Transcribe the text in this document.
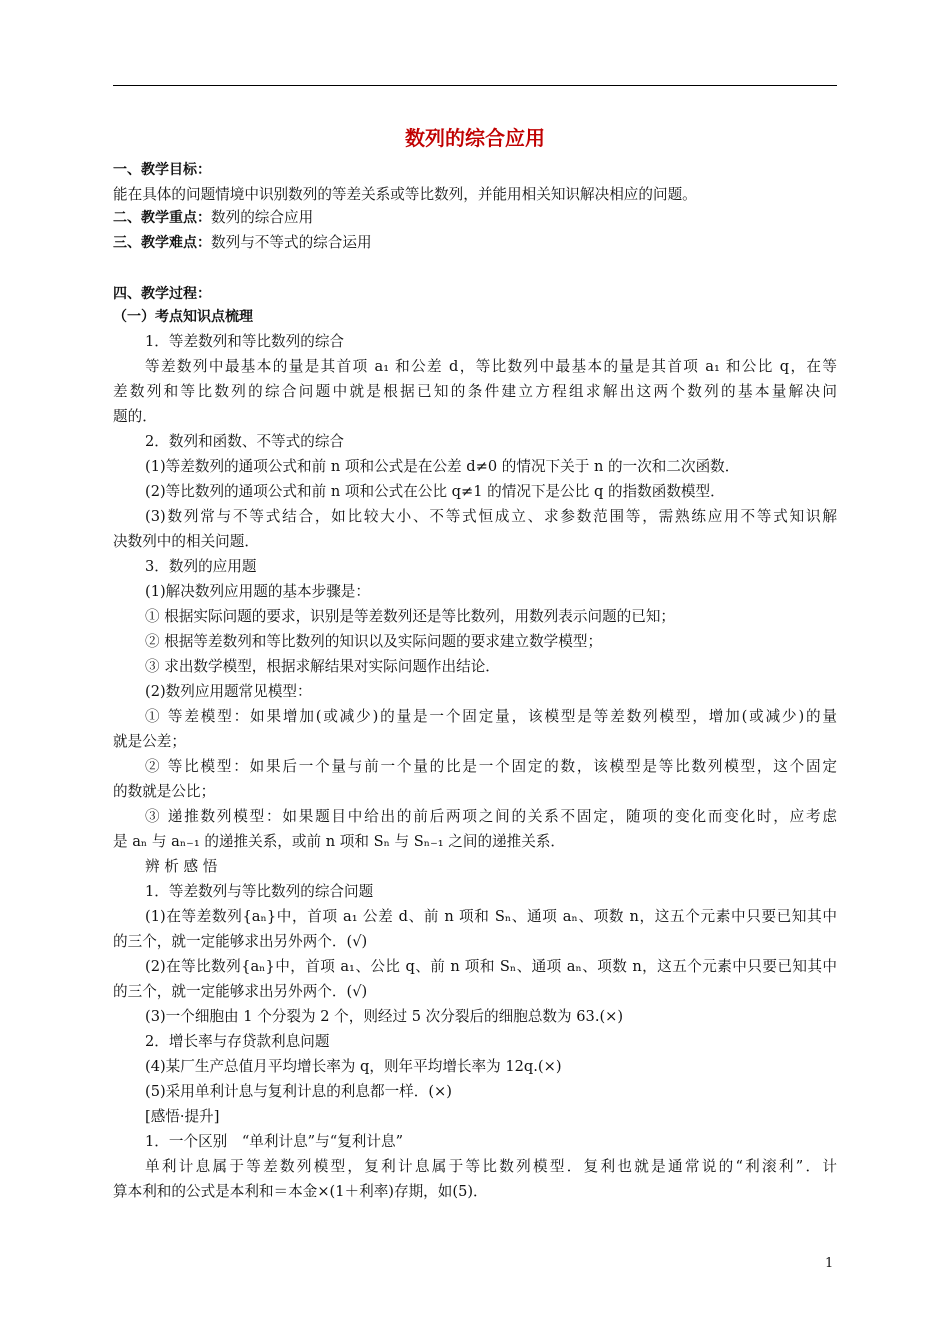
数列的综合应用
一、教学目标：
能在具体的问题情境中识别数列的等差关系或等比数列，并能用相关知识解决相应的问题。
二、教学重点：数列的综合应用
三、教学难点：数列与不等式的综合运用
四、教学过程：
（一）考点知识点梳理
1．等差数列和等比数列的综合
等差数列中最基本的量是其首项 a₁ 和公差 d，等比数列中最基本的量是其首项 a₁ 和公比 q，在等
差数列和等比数列的综合问题中就是根据已知的条件建立方程组求解出这两个数列的基本量解决问
题的．
2．数列和函数、不等式的综合
(1)等差数列的通项公式和前 n 项和公式是在公差 d≠0 的情况下关于 n 的一次和二次函数．
(2)等比数列的通项公式和前 n 项和公式在公比 q≠1 的情况下是公比 q 的指数函数模型．
(3)数列常与不等式结合，如比较大小、不等式恒成立、求参数范围等，需熟练应用不等式知识解
决数列中的相关问题．
3．数列的应用题
(1)解决数列应用题的基本步骤是：
① 根据实际问题的要求，识别是等差数列还是等比数列，用数列表示问题的已知；
② 根据等差数列和等比数列的知识以及实际问题的要求建立数学模型；
③ 求出数学模型，根据求解结果对实际问题作出结论．
(2)数列应用题常见模型：
① 等差模型：如果增加(或减少)的量是一个固定量，该模型是等差数列模型，增加(或减少)的量
就是公差；
② 等比模型：如果后一个量与前一个量的比是一个固定的数，该模型是等比数列模型，这个固定
的数就是公比；
③ 递推数列模型：如果题目中给出的前后两项之间的关系不固定，随项的变化而变化时，应考虑
是 aₙ 与 aₙ₋₁ 的递推关系，或前 n 项和 Sₙ 与 Sₙ₋₁ 之间的递推关系．
辨 析 感 悟
1．等差数列与等比数列的综合问题
(1)在等差数列{aₙ}中，首项 a₁ 公差 d、前 n 项和 Sₙ、通项 aₙ、项数 n，这五个元素中只要已知其中
的三个，就一定能够求出另外两个．(√)
(2)在等比数列{aₙ}中，首项 a₁、公比 q、前 n 项和 Sₙ、通项 aₙ、项数 n，这五个元素中只要已知其中
的三个，就一定能够求出另外两个．(√)
(3)一个细胞由 1 个分裂为 2 个，则经过 5 次分裂后的细胞总数为 63.(×)
2．增长率与存贷款利息问题
(4)某厂生产总值月平均增长率为 q，则年平均增长率为 12q.(×)
(5)采用单利计息与复利计息的利息都一样．(×)
[感悟·提升]
1．一个区别　“单利计息”与“复利计息”
单利计息属于等差数列模型，复利计息属于等比数列模型．复利也就是通常说的“利滚利”．计
算本利和的公式是本利和＝本金×(1＋利率)存期，如(5)．
1
